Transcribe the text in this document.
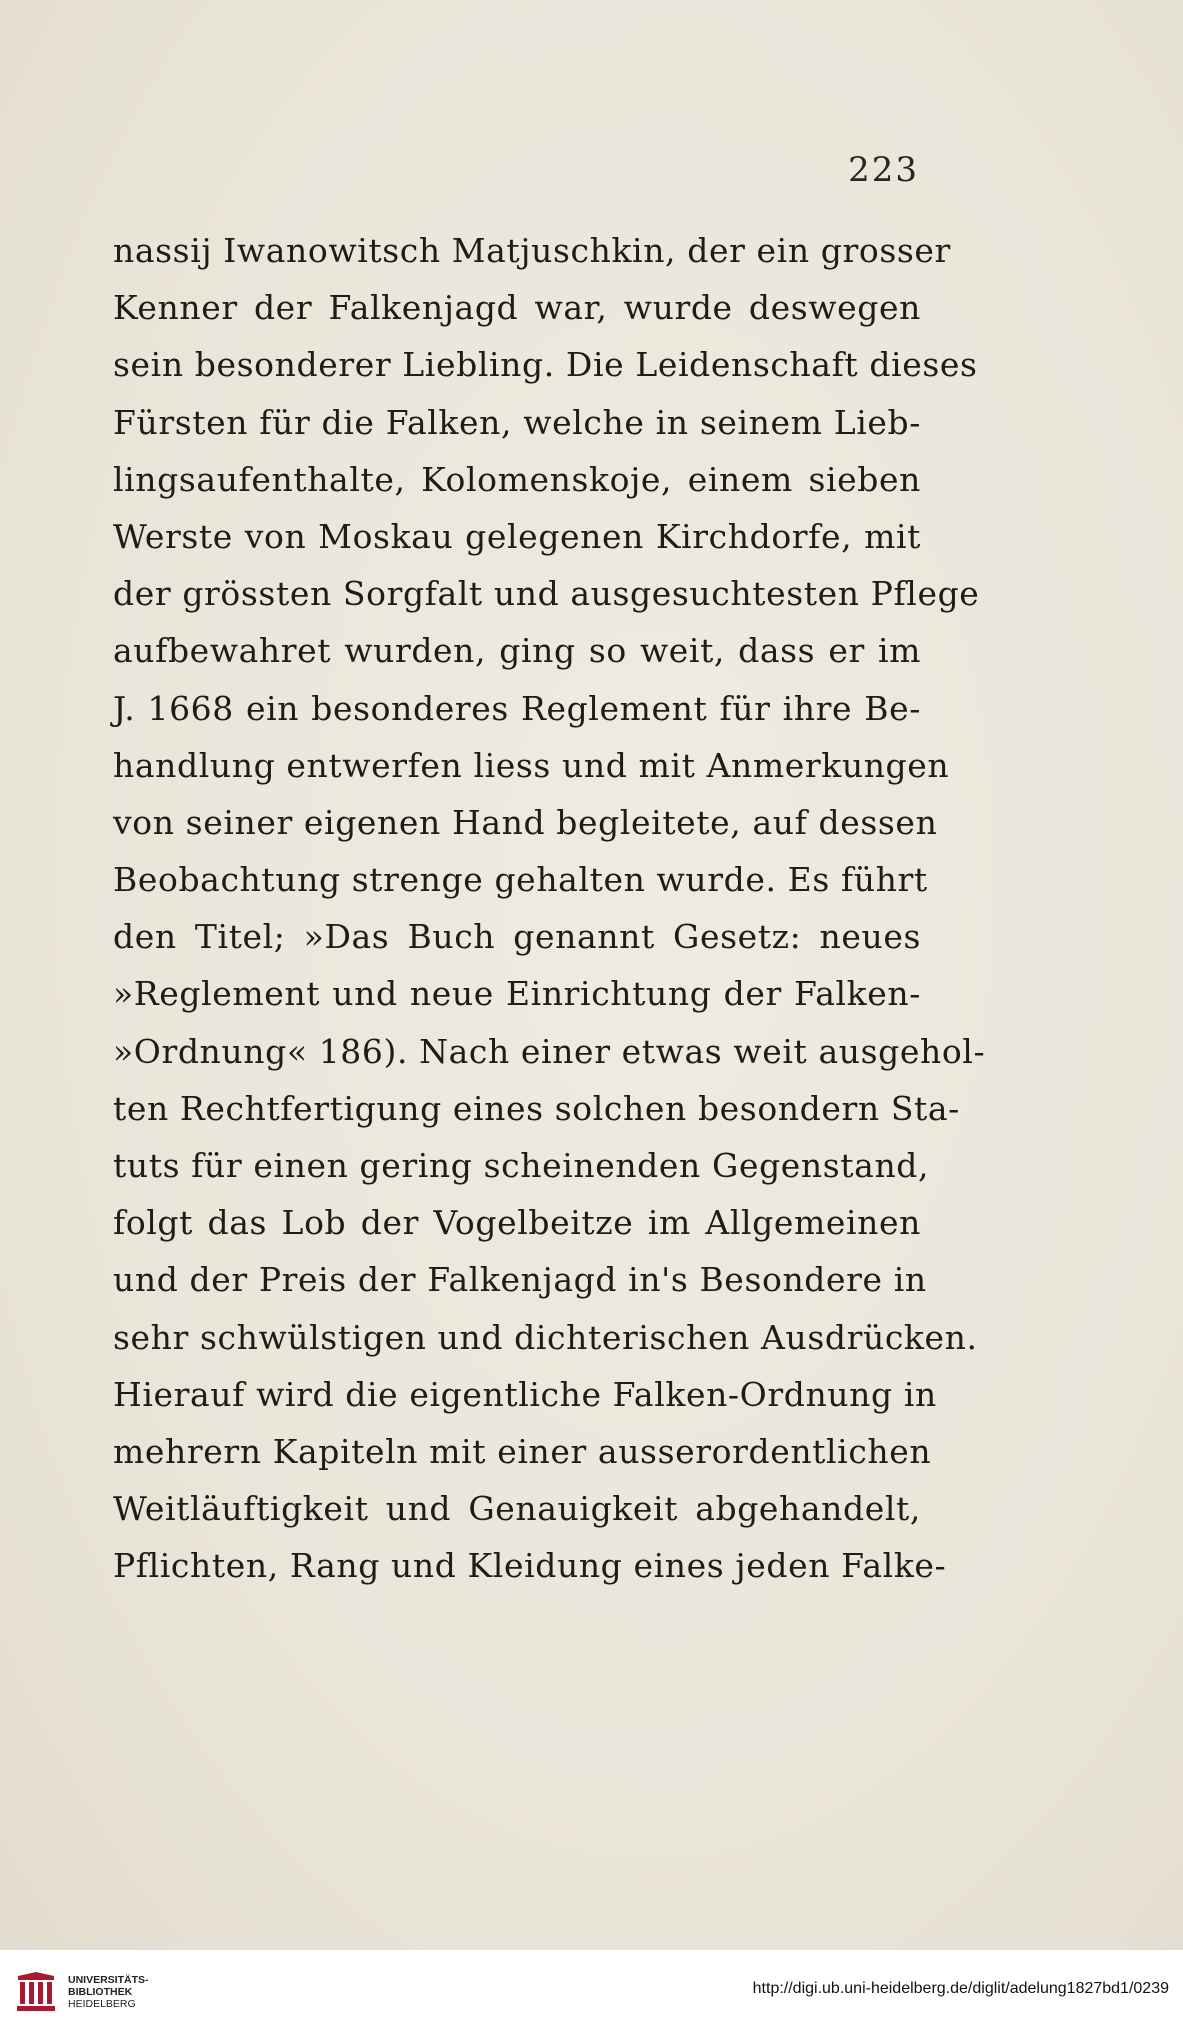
223
nassij Iwanowitsch Matjuschkin, der ein grosser
Kenner der Falkenjagd war, wurde deswegen
sein besonderer Liebling. Die Leidenschaft dieses
Fürsten für die Falken, welche in seinem Lieb-
lingsaufenthalte, Kolomenskoje, einem sieben
Werste von Moskau gelegenen Kirchdorfe, mit
der grössten Sorgfalt und ausgesuchtesten Pflege
aufbewahret wurden, ging so weit, dass er im
J. 1668 ein besonderes Reglement für ihre Be-
handlung entwerfen liess und mit Anmerkungen
von seiner eigenen Hand begleitete, auf dessen
Beobachtung strenge gehalten wurde. Es führt
den Titel; »Das Buch genannt Gesetz: neues
»Reglement und neue Einrichtung der Falken-
»Ordnung« 186). Nach einer etwas weit ausgehol-
ten Rechtfertigung eines solchen besondern Sta-
tuts für einen gering scheinenden Gegenstand,
folgt das Lob der Vogelbeitze im Allgemeinen
und der Preis der Falkenjagd in's Besondere in
sehr schwülstigen und dichterischen Ausdrücken.
Hierauf wird die eigentliche Falken-Ordnung in
mehrern Kapiteln mit einer ausserordentlichen
Weitläuftigkeit und Genauigkeit abgehandelt,
Pflichten, Rang und Kleidung eines jeden Falke-
UNIVERSITÄTS-
BIBLIOTHEK
HEIDELBERG
http://digi.ub.uni-heidelberg.de/diglit/adelung1827bd1/0239
